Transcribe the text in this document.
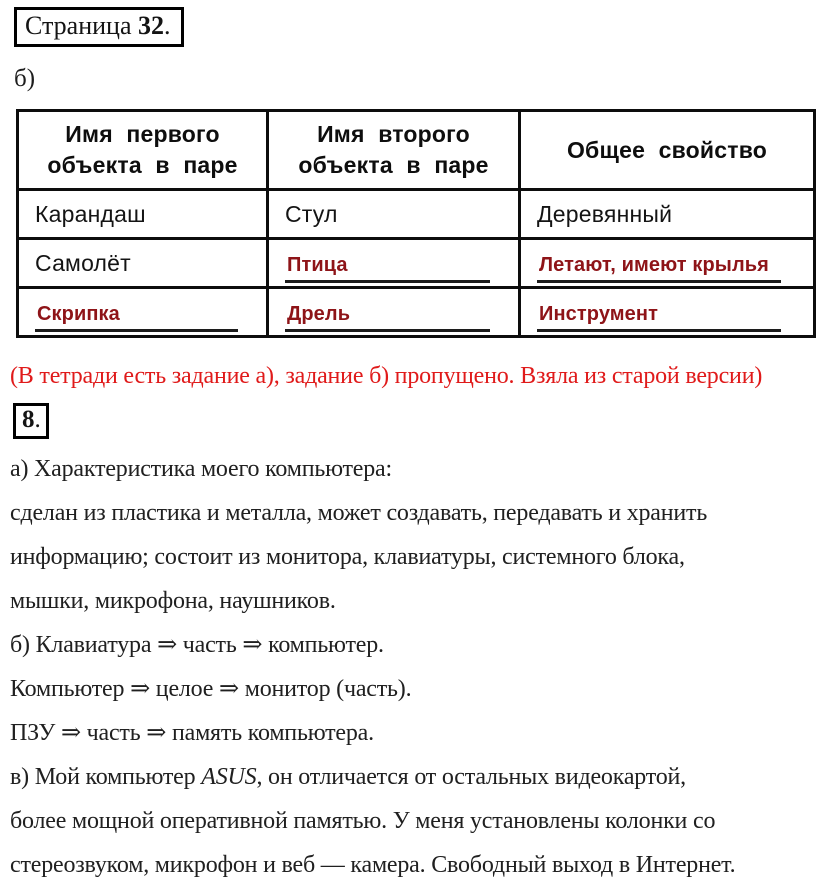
Страница 32.
б)
Имя первого объекта в паре	Имя второго объекта в паре	Общее свойство
Карандаш	Стул	Деревянный
Самолёт	Птица	Летают, имеют крылья
Скрипка	Дрель	Инструмент

(В тетради есть задание а), задание б) пропущено. Взяла из старой версии)

8.

а) Характеристика моего компьютера:

сделан из пластика и металла, может создавать, передавать и хранить

информацию; состоит из монитора, клавиатуры, системного блока,

мышки, микрофона, наушников.

б) Клавиатура ⇒ часть ⇒ компьютер.

Компьютер ⇒ целое ⇒ монитор (часть).

ПЗУ ⇒ часть ⇒ память компьютера.

в) Мой компьютер ASUS, он отличается от остальных видеокартой,

более мощной оперативной памятью. У меня установлены колонки со

стереозвуком, микрофон и веб — камера. Свободный выход в Интернет.
